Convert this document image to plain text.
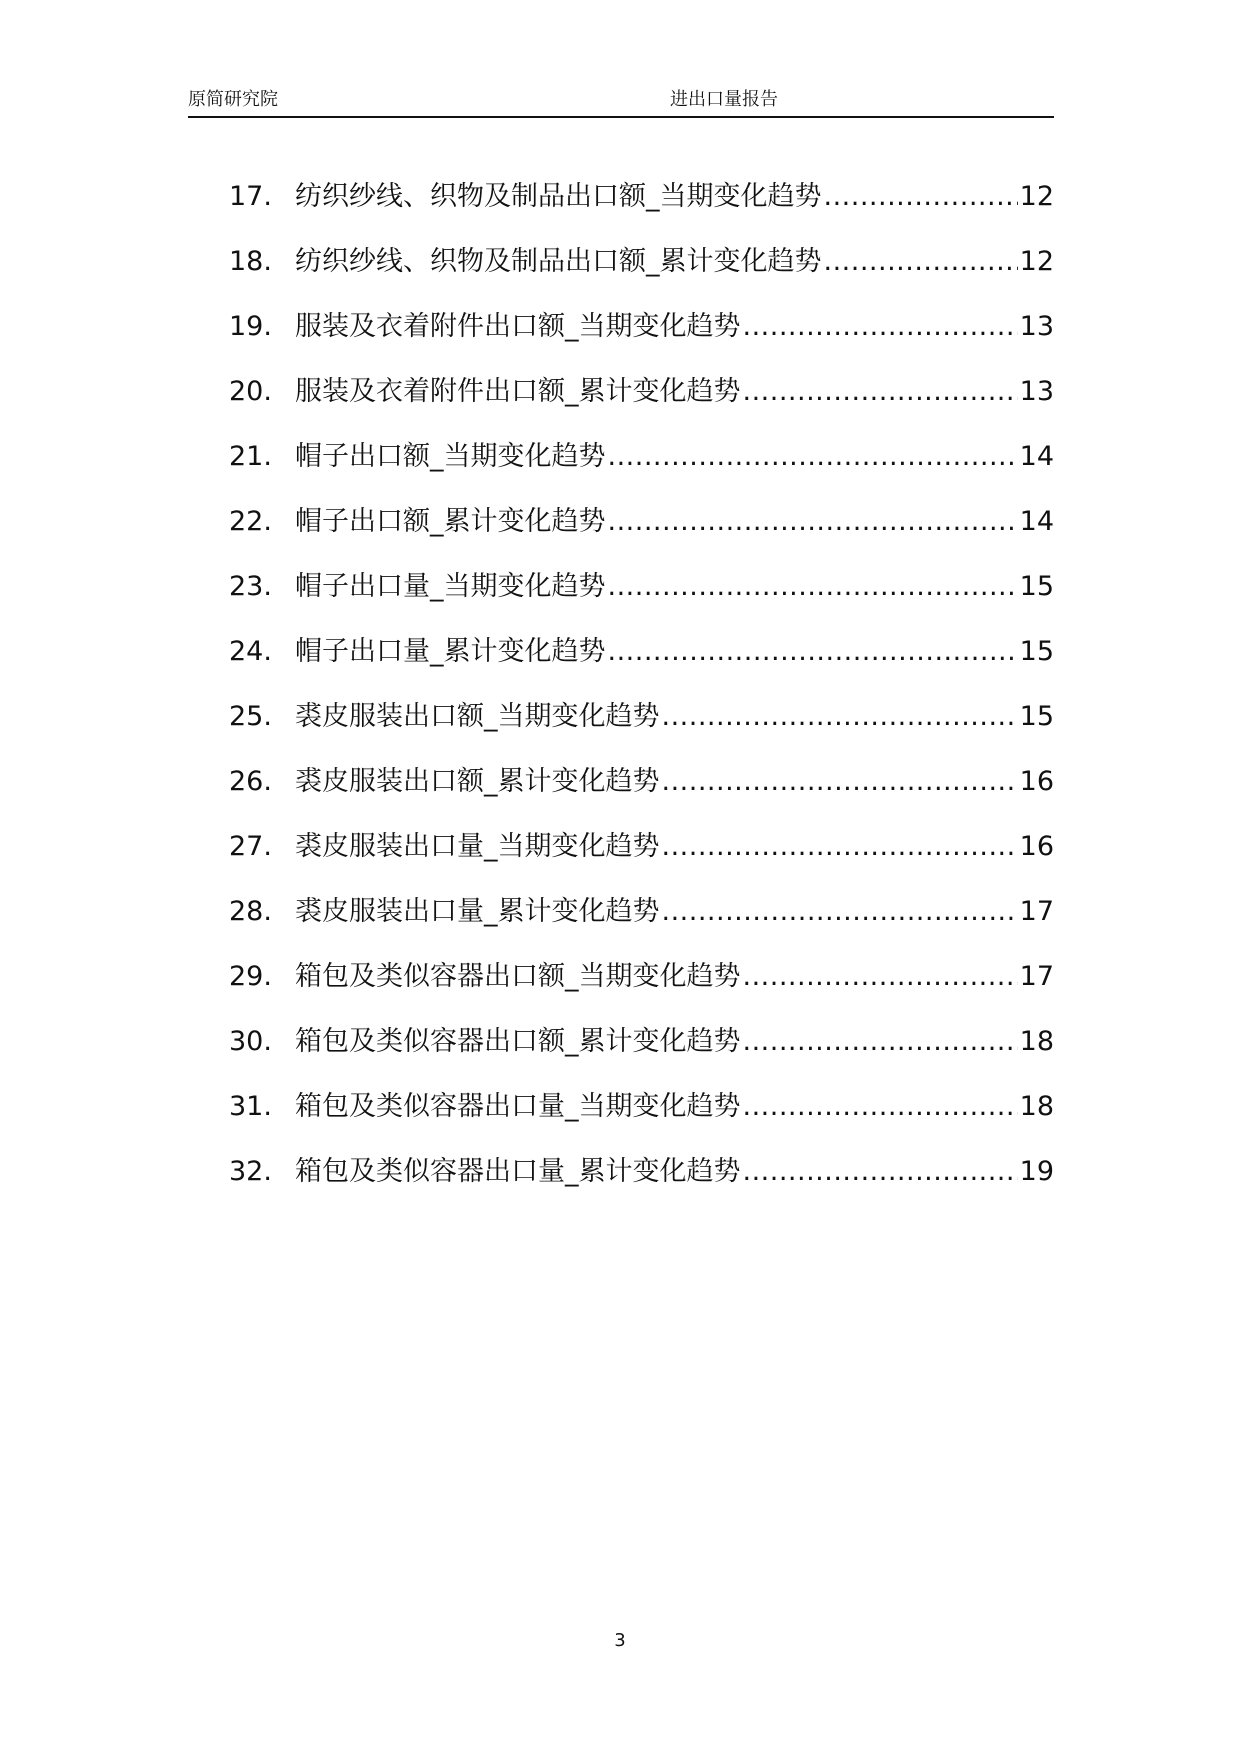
原简研究院	进出口量报告
17. 纺织纱线、织物及制品出口额_当期变化趋势 .....	12
18. 纺织纱线、织物及制品出口额_累计变化趋势 .....	12
19. 服装及衣着附件出口额_当期变化趋势 .....	13
20. 服装及衣着附件出口额_累计变化趋势 .....	13
21. 帽子出口额_当期变化趋势 .....	14
22. 帽子出口额_累计变化趋势 .....	14
23. 帽子出口量_当期变化趋势 .....	15
24. 帽子出口量_累计变化趋势 .....	15
25. 裘皮服装出口额_当期变化趋势 .....	15
26. 裘皮服装出口额_累计变化趋势 .....	16
27. 裘皮服装出口量_当期变化趋势 .....	16
28. 裘皮服装出口量_累计变化趋势 .....	17
29. 箱包及类似容器出口额_当期变化趋势 .....	17
30. 箱包及类似容器出口额_累计变化趋势 .....	18
31. 箱包及类似容器出口量_当期变化趋势 .....	18
32. 箱包及类似容器出口量_累计变化趋势 .....	19
3
